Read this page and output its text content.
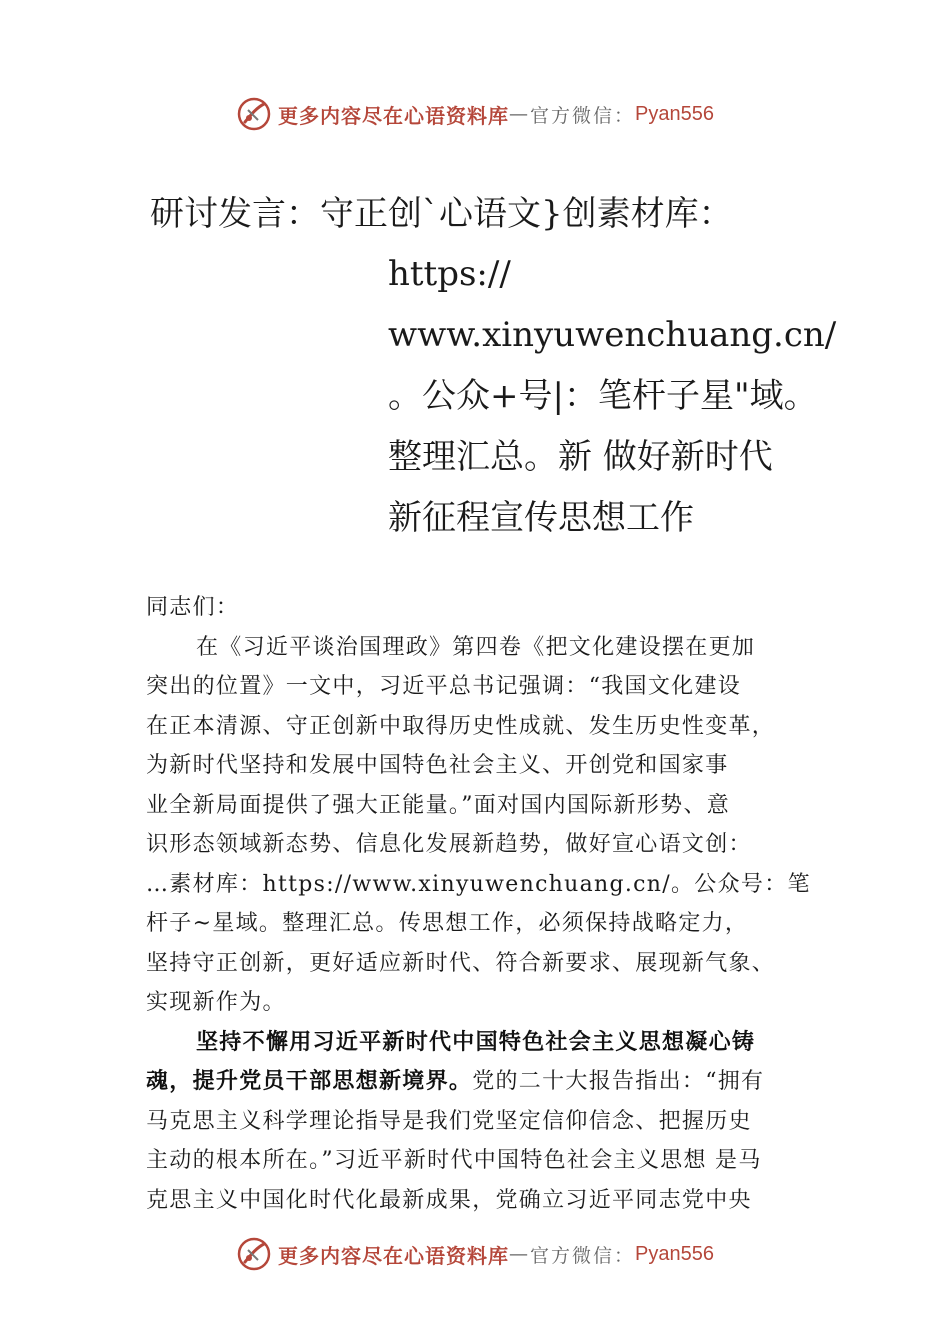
更多内容尽在心语资料库 — 官方微信： Pyan556
研讨发言：守正创`心语文}创素材库：
https://
www.xinyuwenchuang.cn/
。公众+号|：笔杆子星"域。
整理汇总。新 做好新时代
新征程宣传思想工作
同志们：
在《习近平谈治国理政》第四卷《把文化建设摆在更加
突出的位置》一文中，习近平总书记强调：“我国文化建设
在正本清源、守正创新中取得历史性成就、发生历史性变革，
为新时代坚持和发展中国特色社会主义、开创党和国家事
业全新局面提供了强大正能量。”面对国内国际新形势、意
识形态领域新态势、信息化发展新趋势，做好宣心语文创：
…素材库：https://www.xinyuwenchuang.cn/。公众号：笔
杆子~星域。整理汇总。传思想工作，必须保持战略定力，
坚持守正创新，更好适应新时代、符合新要求、展现新气象、
实现新作为。
坚持不懈用习近平新时代中国特色社会主义思想凝心铸
魂，提升党员干部思想新境界。党的二十大报告指出：“拥有
马克思主义科学理论指导是我们党坚定信仰信念、把握历史
主动的根本所在。”习近平新时代中国特色社会主义思想 是马
克思主义中国化时代化最新成果，党确立习近平同志党中央
更多内容尽在心语资料库 — 官方微信： Pyan556
